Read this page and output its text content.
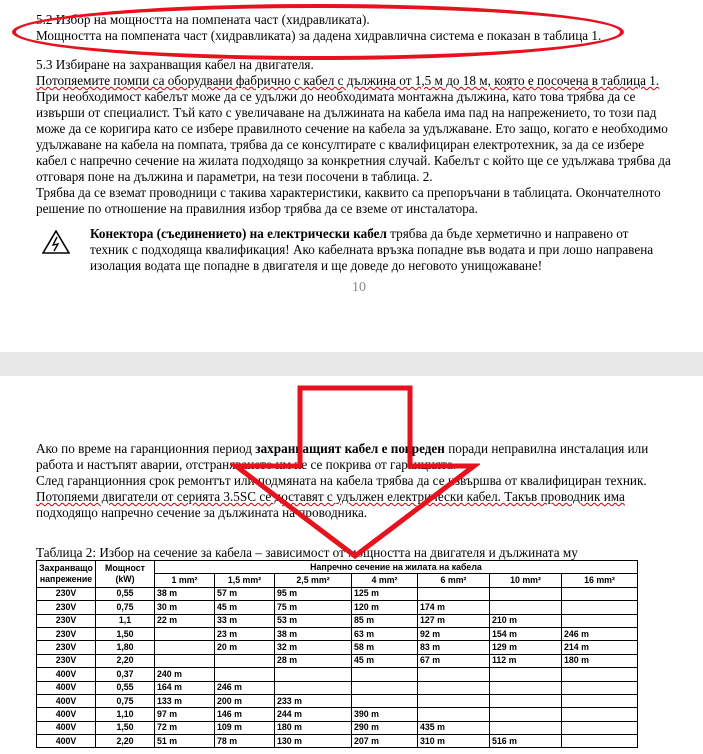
5.2 Избор на мощността на помпената част (хидравликата).
Мощността на помпената част (хидравликата) за дадена хидравлична система е показан в таблица 1.
5.3 Избиране на захранващия кабел на двигателя.
Потопяемите помпи са оборудвани фабрично с кабел с дължина от 1,5 м до 18 м, която е посочена в таблица 1.
При необходимост кабелът може да се удължи до необходимата монтажна дължина, като това трябва да се
извърши от специалист. Тъй като с увеличаване на дължината на кабела има пад на напрежението, то този пад
може да се коригира като се избере правилното сечение на кабела за удължаване. Ето защо, когато е необходимо
удължаване на кабела на помпата, трябва да се консултирате с квалифициран електротехник, за да се избере
кабел с напречно сечение на жилата подходящо за конкретния случай. Кабелът с който ще се удължава трябва да
отговаря поне на дължина и параметри, на тези посочени в таблица. 2.
Трябва да се вземат проводници с такива характеристики, каквито са препоръчани в таблицата. Окончателното
решение по отношение на правилния избор трябва да се вземе от инсталатора.
Конектора (съединението) на електрически кабел трябва да бъде херметично и направено от
техник с подходяща квалификация! Ако кабелната връзка попадне във водата и при лошо направена
изолация водата ще попадне в двигателя и ще доведе до неговото унищожаване!
10
Ако по време на гаранционния период захранващият кабел е повреден поради неправилна инсталация или
работа и настъпят аварии, отстраняването им не се покрива от гаранцията.
След гаранционния срок ремонтът или подмяната на кабела трябва да се извършва от квалифициран техник.
Потопяеми двигатели от серията 3.5SC се доставят с удължен електрически кабел. Такъв проводник има
подходящо напречно сечение за дължината на проводника.
Таблица 2: Избор на сечение за кабела – зависимост от мощността на двигателя и дължината му
Захранващо напрежение	Мощност (kW)	Напречно сечение на жилата на кабела						
		1 mm²	1,5 mm²	2,5 mm²	4 mm²	6 mm²	10 mm²	16 mm²
230V	0,55	38 m	57 m	95 m	125 m			
230V	0,75	30 m	45 m	75 m	120 m	174 m		
230V	1,1	22 m	33 m	53 m	85 m	127 m	210 m	
230V	1,50		23 m	38 m	63 m	92 m	154 m	246 m
230V	1,80		20 m	32 m	58 m	83 m	129 m	214 m
230V	2,20			28 m	45 m	67 m	112 m	180 m
400V	0,37	240 m						
400V	0,55	164 m	246 m					
400V	0,75	133 m	200 m	233 m				
400V	1,10	97 m	146 m	244 m	390 m			
400V	1,50	72 m	109 m	180 m	290 m	435 m		
400V	2,20	51 m	78 m	130 m	207 m	310 m	516 m	
